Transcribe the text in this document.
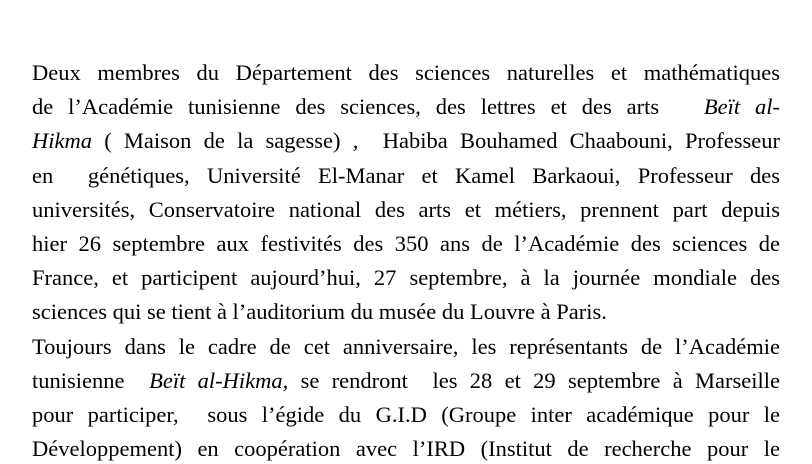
Deux membres du Département des sciences naturelles et mathématiques
de l’Académie tunisienne des sciences, des lettres et des arts   Beït al-
Hikma ( Maison de la sagesse) ,  Habiba Bouhamed Chaabouni, Professeur
en  génétiques, Université El-Manar et Kamel Barkaoui, Professeur des
universités, Conservatoire national des arts et métiers, prennent part depuis
hier 26 septembre aux festivités des 350 ans de l’Académie des sciences de
France, et participent aujourd’hui, 27 septembre, à la journée mondiale des
sciences qui se tient à l’auditorium du musée du Louvre à Paris.
Toujours dans le cadre de cet anniversaire, les représentants de l’Académie
tunisienne  Beït al-Hikma, se rendront  les 28 et 29 septembre à Marseille
pour participer,  sous l’égide du G.I.D (Groupe inter académique pour le
Développement) en coopération avec l’IRD (Institut de recherche pour le
